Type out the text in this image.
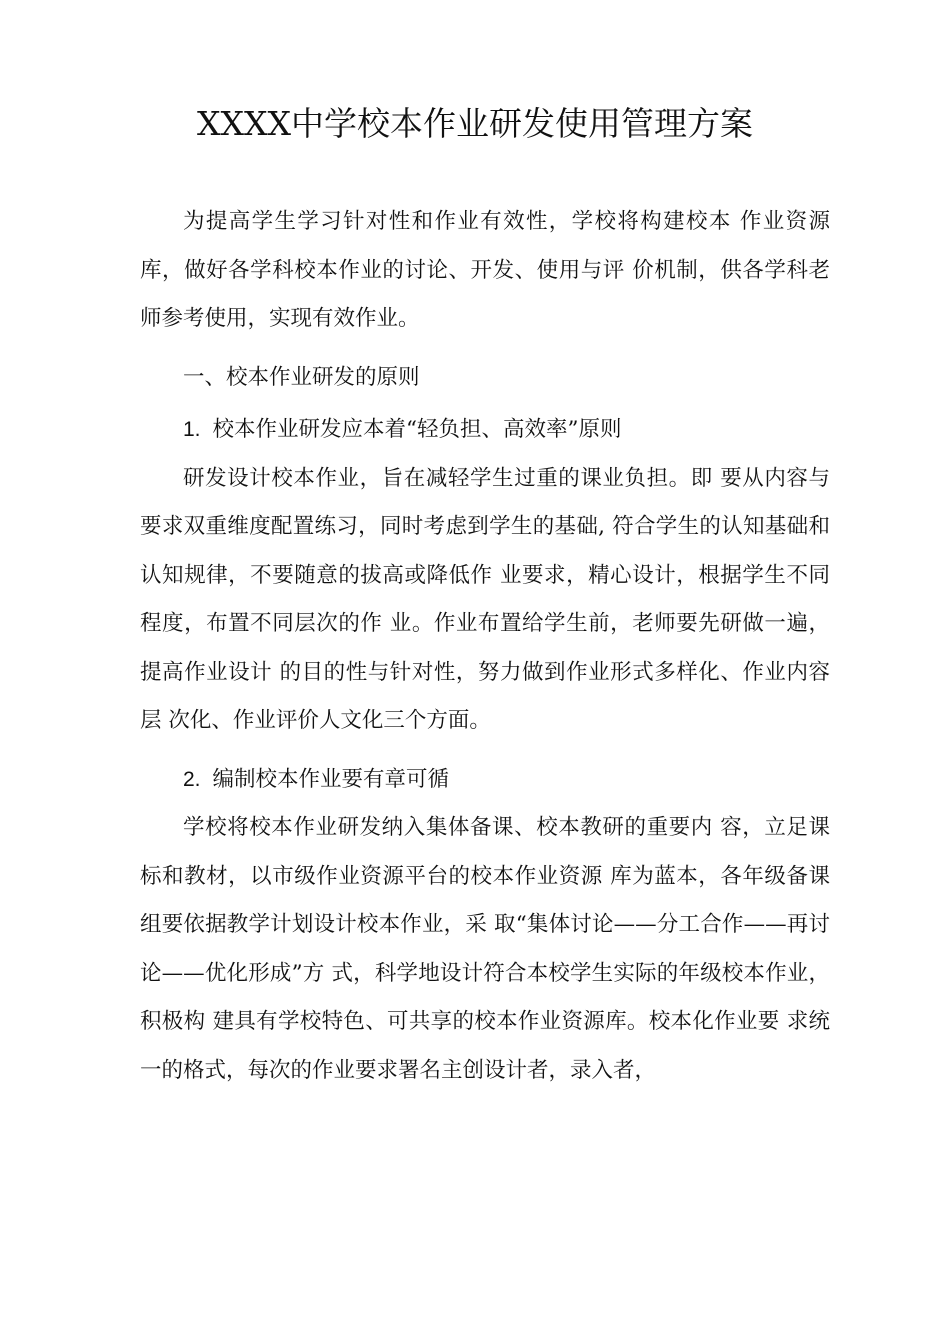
XXXX中学校本作业研发使用管理方案

为提高学生学习针对性和作业有效性，学校将构建校本 作业资源库，做好各学科校本作业的讨论、开发、使用与评 价机制，供各学科老师参考使用，实现有效作业。

一、校本作业研发的原则

1. 校本作业研发应本着“轻负担、高效率”原则

研发设计校本作业，旨在减轻学生过重的课业负担。即 要从内容与要求双重维度配置练习，同时考虑到学生的基础, 符合学生的认知基础和认知规律，不要随意的拔高或降低作 业要求，精心设计，根据学生不同程度，布置不同层次的作 业。作业布置给学生前，老师要先研做一遍，提高作业设计 的目的性与针对性，努力做到作业形式多样化、作业内容层 次化、作业评价人文化三个方面。

2. 编制校本作业要有章可循

学校将校本作业研发纳入集体备课、校本教研的重要内 容，立足课标和教材，以市级作业资源平台的校本作业资源 库为蓝本，各年级备课组要依据教学计划设计校本作业，采 取“集体讨论——分工合作——再讨论——优化形成”方 式，科学地设计符合本校学生实际的年级校本作业，积极构 建具有学校特色、可共享的校本作业资源库。校本化作业要 求统一的格式，每次的作业要求署名主创设计者，录入者，
